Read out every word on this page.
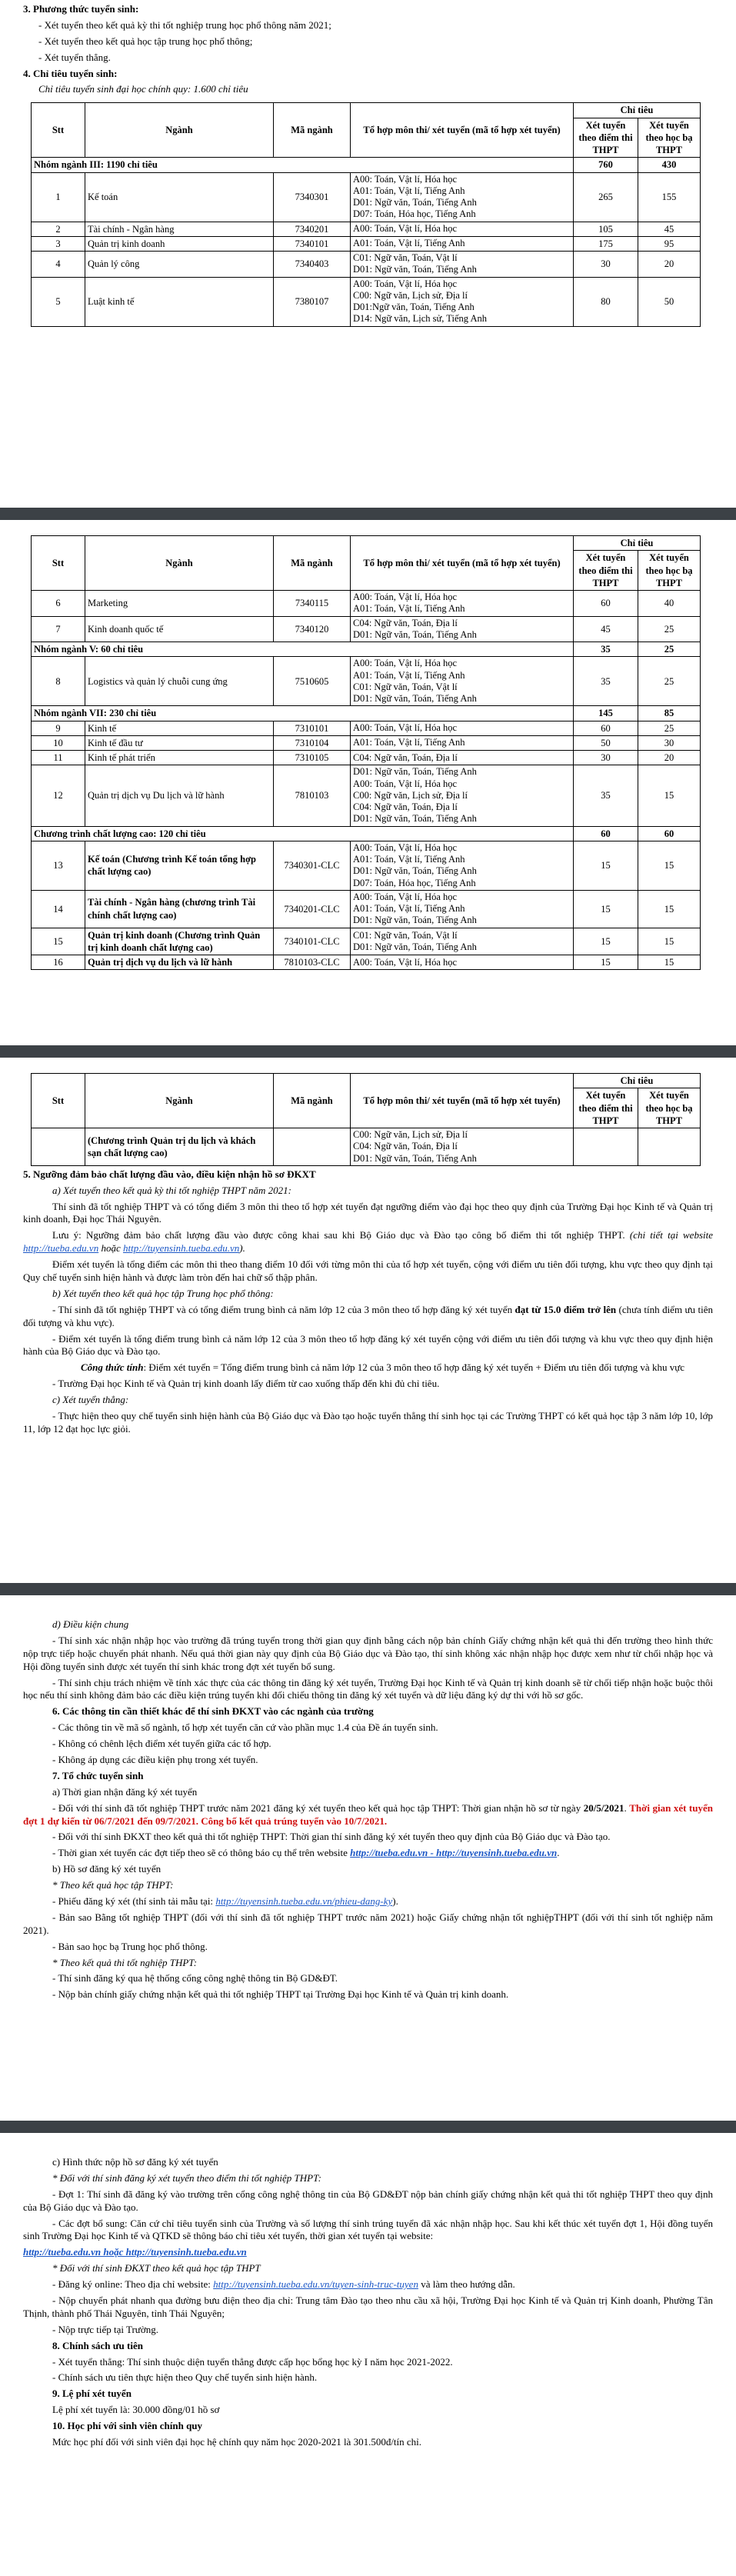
3. Phương thức tuyển sinh:

- Xét tuyển theo kết quả kỳ thi tốt nghiệp trung học phổ thông năm 2021;

- Xét tuyển theo kết quả học tập trung học phổ thông;

- Xét tuyển thẳng.

4. Chỉ tiêu tuyển sinh:

Chỉ tiêu tuyển sinh đại học chính quy: 1.600 chỉ tiêu

Stt	Ngành	Mã ngành	Tổ hợp môn thi/ xét tuyển (mã tổ hợp xét tuyển)	Chỉ tiêu	
				Xét tuyển theo điểm thi THPT	Xét tuyển theo học bạ THPT
Nhóm ngành III: 1190 chỉ tiêu				760	430
1	Kế toán	7340301	A00: Toán, Vật lí, Hóa học
A01: Toán, Vật lí, Tiếng Anh
D01: Ngữ văn, Toán, Tiếng Anh
D07: Toán, Hóa học, Tiếng Anh	265	155
2	Tài chính - Ngân hàng	7340201	A00: Toán, Vật lí, Hóa học	105	45
3	Quản trị kinh doanh	7340101	A01: Toán, Vật lí, Tiếng Anh	175	95
4	Quản lý công	7340403	C01: Ngữ văn, Toán, Vật lí
D01: Ngữ văn, Toán, Tiếng Anh	30	20
5	Luật kinh tế	7380107	A00: Toán, Vật lí, Hóa học
C00: Ngữ văn, Lịch sử, Địa lí
D01:Ngữ văn, Toán, Tiếng Anh
D14: Ngữ văn, Lịch sử, Tiếng Anh	80	50
Stt	Ngành	Mã ngành	Tổ hợp môn thi/ xét tuyển (mã tổ hợp xét tuyển)	Chỉ tiêu	
				Xét tuyển theo điểm thi THPT	Xét tuyển theo học bạ THPT
6	Marketing	7340115	A00: Toán, Vật lí, Hóa học
A01: Toán, Vật lí, Tiếng Anh	60	40
7	Kinh doanh quốc tế	7340120	C04: Ngữ văn, Toán, Địa lí
D01: Ngữ văn, Toán, Tiếng Anh	45	25
Nhóm ngành V: 60 chỉ tiêu				35	25
8	Logistics và quản lý chuỗi cung ứng	7510605	A00: Toán, Vật lí, Hóa học
A01: Toán, Vật lí, Tiếng Anh
C01: Ngữ văn, Toán, Vật lí
D01: Ngữ văn, Toán, Tiếng Anh	35	25
Nhóm ngành VII: 230 chỉ tiêu				145	85
9	Kinh tế	7310101	A00: Toán, Vật lí, Hóa học	60	25
10	Kinh tế đầu tư	7310104	A01: Toán, Vật lí, Tiếng Anh	50	30
11	Kinh tế phát triển	7310105	C04: Ngữ văn, Toán, Địa lí	30	20
12	Quản trị dịch vụ Du lịch và lữ hành	7810103	D01: Ngữ văn, Toán, Tiếng Anh
A00: Toán, Vật lí, Hóa học
C00: Ngữ văn, Lịch sử, Địa lí
C04: Ngữ văn, Toán, Địa lí
D01: Ngữ văn, Toán, Tiếng Anh	35	15
Chương trình chất lượng cao: 120 chỉ tiêu				60	60
13	Kế toán (Chương trình Kế toán tổng hợp chất lượng cao)	7340301-CLC	A00: Toán, Vật lí, Hóa học
A01: Toán, Vật lí, Tiếng Anh
D01: Ngữ văn, Toán, Tiếng Anh
D07: Toán, Hóa học, Tiếng Anh	15	15
14	Tài chính - Ngân hàng (chương trình Tài chính chất lượng cao)	7340201-CLC	A00: Toán, Vật lí, Hóa học
A01: Toán, Vật lí, Tiếng Anh
D01: Ngữ văn, Toán, Tiếng Anh	15	15
15	Quản trị kinh doanh (Chương trình Quản trị kinh doanh chất lượng cao)	7340101-CLC	C01: Ngữ văn, Toán, Vật lí
D01: Ngữ văn, Toán, Tiếng Anh	15	15
16	Quản trị dịch vụ du lịch và lữ hành	7810103-CLC	A00: Toán, Vật lí, Hóa học	15	15
Stt	Ngành	Mã ngành	Tổ hợp môn thi/ xét tuyển (mã tổ hợp xét tuyển)	Chỉ tiêu	
				Xét tuyển theo điểm thi THPT	Xét tuyển theo học bạ THPT
	(Chương trình Quản trị du lịch và khách sạn chất lượng cao)		C00: Ngữ văn, Lịch sử, Địa lí
C04: Ngữ văn, Toán, Địa lí
D01: Ngữ văn, Toán, Tiếng Anh		

5. Ngưỡng đảm bảo chất lượng đầu vào, điều kiện nhận hồ sơ ĐKXT

a) Xét tuyển theo kết quả kỳ thi tốt nghiệp THPT năm 2021:

Thí sinh đã tốt nghiệp THPT và có tổng điểm 3 môn thi theo tổ hợp xét tuyển đạt ngưỡng điểm vào đại học theo quy định của Trường Đại học Kinh tế và Quản trị kinh doanh, Đại học Thái Nguyên.

Lưu ý: Ngưỡng đảm bảo chất lượng đầu vào được công khai sau khi Bộ Giáo dục và Đào tạo công bố điểm thi tốt nghiệp THPT. (chi tiết tại website http://tueba.edu.vn hoặc http://tuyensinh.tueba.edu.vn).

Điểm xét tuyển là tổng điểm các môn thi theo thang điểm 10 đối với từng môn thi của tổ hợp xét tuyển, cộng với điểm ưu tiên đối tượng, khu vực theo quy định tại Quy chế tuyển sinh hiện hành và được làm tròn đến hai chữ số thập phân.

b) Xét tuyển theo kết quả học tập Trung học phổ thông:

- Thí sinh đã tốt nghiệp THPT và có tổng điểm trung bình cả năm lớp 12 của 3 môn theo tổ hợp đăng ký xét tuyển đạt từ 15.0 điểm trở lên (chưa tính điểm ưu tiên đối tượng và khu vực).

- Điểm xét tuyển là tổng điểm trung bình cả năm lớp 12 của 3 môn theo tổ hợp đăng ký xét tuyển cộng với điểm ưu tiên đối tượng và khu vực theo quy định hiện hành của Bộ Giáo dục và Đào tạo.

Công thức tính: Điểm xét tuyển = Tổng điểm trung bình cả năm lớp 12 của 3 môn theo tổ hợp đăng ký xét tuyển + Điểm ưu tiên đối tượng và khu vực

- Trường Đại học Kinh tế và Quản trị kinh doanh lấy điểm từ cao xuống thấp đến khi đủ chỉ tiêu.

c) Xét tuyển thẳng:

- Thực hiện theo quy chế tuyển sinh hiện hành của Bộ Giáo dục và Đào tạo hoặc tuyển thẳng thí sinh học tại các Trường THPT có kết quả học tập 3 năm lớp 10, lớp 11, lớp 12 đạt học lực giỏi.

d) Điều kiện chung

- Thí sinh xác nhận nhập học vào trường đã trúng tuyển trong thời gian quy định bằng cách nộp bản chính Giấy chứng nhận kết quả thi đến trường theo hình thức nộp trực tiếp hoặc chuyển phát nhanh. Nếu quá thời gian này quy định của Bộ Giáo dục và Đào tạo, thí sinh không xác nhận nhập học được xem như từ chối nhập học và Hội đồng tuyển sinh được xét tuyển thí sinh khác trong đợt xét tuyển bổ sung.

- Thí sinh chịu trách nhiệm về tính xác thực của các thông tin đăng ký xét tuyển, Trường Đại học Kinh tế và Quản trị kinh doanh sẽ từ chối tiếp nhận hoặc buộc thôi học nếu thí sinh không đảm bảo các điều kiện trúng tuyển khi đối chiếu thông tin đăng ký xét tuyển và dữ liệu đăng ký dự thi với hồ sơ gốc.

6. Các thông tin cần thiết khác để thí sinh ĐKXT vào các ngành của trường

- Các thông tin về mã số ngành, tổ hợp xét tuyển căn cứ vào phần mục 1.4 của Đề án tuyển sinh.

- Không có chênh lệch điểm xét tuyển giữa các tổ hợp.

- Không áp dụng các điều kiện phụ trong xét tuyển.

7. Tổ chức tuyển sinh

a) Thời gian nhận đăng ký xét tuyển

- Đối với thí sinh đã tốt nghiệp THPT trước năm 2021 đăng ký xét tuyển theo kết quả học tập THPT: Thời gian nhận hồ sơ từ ngày 20/5/2021. Thời gian xét tuyển đợt 1 dự kiến từ 06/7/2021 đến 09/7/2021. Công bố kết quả trúng tuyển vào 10/7/2021.

- Đối với thí sinh ĐKXT theo kết quả thi tốt nghiệp THPT: Thời gian thí sinh đăng ký xét tuyển theo quy định của Bộ Giáo dục và Đào tạo.

- Thời gian xét tuyển các đợt tiếp theo sẽ có thông báo cụ thể trên website http://tueba.edu.vn - http://tuyensinh.tueba.edu.vn.

b) Hồ sơ đăng ký xét tuyển

* Theo kết quả học tập THPT:

- Phiếu đăng ký xét (thí sinh tải mẫu tại: http://tuyensinh.tueba.edu.vn/phieu-dang-ky).

- Bản sao Bằng tốt nghiệp THPT (đối với thí sinh đã tốt nghiệp THPT trước năm 2021) hoặc Giấy chứng nhận tốt nghiệpTHPT (đối với thí sinh tốt nghiệp năm 2021).

- Bản sao học bạ Trung học phổ thông.

* Theo kết quả thi tốt nghiệp THPT:

- Thí sinh đăng ký qua hệ thống cổng công nghệ thông tin Bộ GD&ĐT.

- Nộp bản chính giấy chứng nhận kết quả thi tốt nghiệp THPT tại Trường Đại học Kinh tế và Quản trị kinh doanh.

c) Hình thức nộp hồ sơ đăng ký xét tuyển

* Đối với thí sinh đăng ký xét tuyển theo điểm thi tốt nghiệp THPT:

- Đợt 1: Thí sinh đã đăng ký vào trường trên cổng công nghệ thông tin của Bộ GD&ĐT nộp bản chính giấy chứng nhận kết quả thi tốt nghiệp THPT theo quy định của Bộ Giáo dục và Đào tạo.

- Các đợt bổ sung: Căn cứ chỉ tiêu tuyển sinh của Trường và số lượng thí sinh trúng tuyển đã xác nhận nhập học. Sau khi kết thúc xét tuyển đợt 1, Hội đồng tuyển sinh Trường Đại học Kinh tế và QTKD sẽ thông báo chỉ tiêu xét tuyển, thời gian xét tuyển tại website:

http://tueba.edu.vn hoặc http://tuyensinh.tueba.edu.vn

* Đối với thí sinh ĐKXT theo kết quả học tập THPT

- Đăng ký online: Theo địa chỉ website: http://tuyensinh.tueba.edu.vn/tuyen-sinh-truc-tuyen và làm theo hướng dẫn.

- Nộp chuyển phát nhanh qua đường bưu điện theo địa chỉ: Trung tâm Đào tạo theo nhu cầu xã hội, Trường Đại học Kinh tế và Quản trị Kinh doanh, Phường Tân Thịnh, thành phố Thái Nguyên, tỉnh Thái Nguyên;

- Nộp trực tiếp tại Trường.

8. Chính sách ưu tiên

- Xét tuyển thẳng: Thí sinh thuộc diện tuyển thẳng được cấp học bổng học kỳ I năm học 2021-2022.

- Chính sách ưu tiên thực hiện theo Quy chế tuyển sinh hiện hành.

9. Lệ phí xét tuyển

Lệ phí xét tuyển là: 30.000 đồng/01 hồ sơ

10. Học phí với sinh viên chính quy

Mức học phí đối với sinh viên đại học hệ chính quy năm học 2020-2021 là 301.500đ/tín chỉ.
